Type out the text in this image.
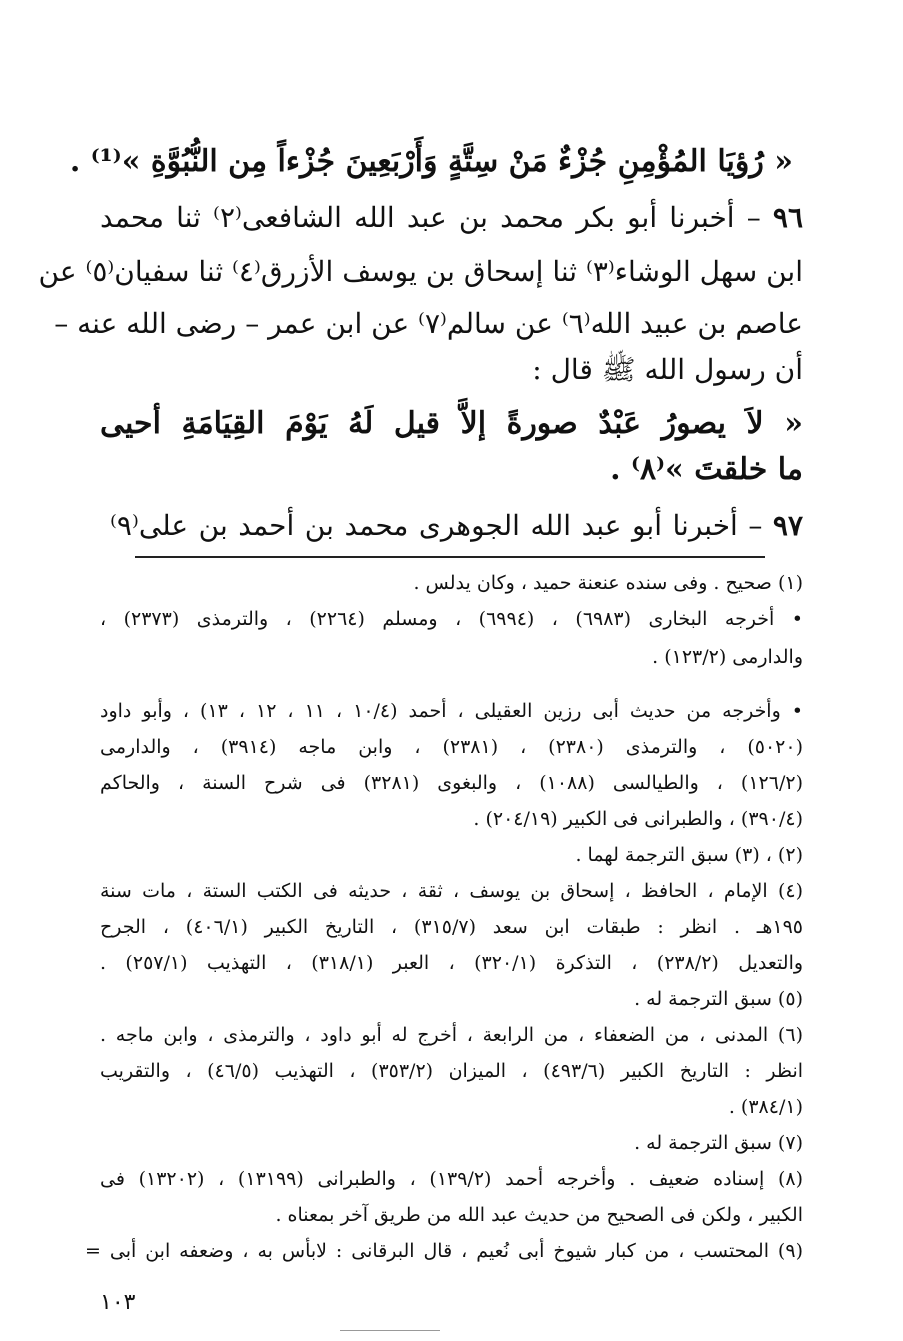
« رُؤيَا المُؤْمِنِ جُزْءٌ مَنْ سِتَّةٍ وَأَرْبَعِينَ جُزْءاً مِن النُّبُوَّةِ »⁽¹⁾ .
٩٦ – أخبرنا أبو بكر محمد بن عبد الله الشافعى⁽٢⁾ ثنا محمد
ابن سهل الوشاء⁽٣⁾ ثنا إسحاق بن يوسف الأزرق⁽٤⁾ ثنا سفيان⁽٥⁾ عن
عاصم بن عبيد الله⁽٦⁾ عن سالم⁽٧⁾ عن ابن عمر – رضى الله عنه –
أن رسول الله ﷺ قال :
« لاَ يصورُ عَبْدٌ صورةً إلاَّ قيل لَهُ يَوْمَ القِيَامَةِ أحيى
ما خلقتَ »⁽٨⁾ .
٩٧ – أخبرنا أبو عبد الله الجوهرى محمد بن أحمد بن على⁽٩⁾
(١) صحيح . وفى سنده عنعنة حميد ، وكان يدلس .
• أخرجه البخارى (٦٩٨٣) ، (٦٩٩٤) ، ومسلم (٢٢٦٤) ، والترمذى (٢٣٧٣) ،
والدارمى (١٢٣/٢) .
• وأخرجه من حديث أبى رزين العقيلى ، أحمد (١٠/٤ ، ١١ ، ١٢ ، ١٣) ، وأبو داود
(٥٠٢٠) ، والترمذى (٢٣٨٠) ، (٢٣٨١) ، وابن ماجه (٣٩١٤) ، والدارمى
(١٢٦/٢) ، والطيالسى (١٠٨٨) ، والبغوى (٣٢٨١) فى شرح السنة ، والحاكم
(٣٩٠/٤) ، والطبرانى فى الكبير (٢٠٤/١٩) .
(٢) ، (٣) سبق الترجمة لهما .
(٤) الإمام ، الحافظ ، إسحاق بن يوسف ، ثقة ، حديثه فى الكتب الستة ، مات سنة
١٩٥هـ . انظر : طبقات ابن سعد (٣١٥/٧) ، التاريخ الكبير (٤٠٦/١) ، الجرح
والتعديل (٢٣٨/٢) ، التذكرة (٣٢٠/١) ، العبر (٣١٨/١) ، التهذيب (٢٥٧/١) .
(٥) سبق الترجمة له .
(٦) المدنى ، من الضعفاء ، من الرابعة ، أخرج له أبو داود ، والترمذى ، وابن ماجه .
انظر : التاريخ الكبير (٤٩٣/٦) ، الميزان (٣٥٣/٢) ، التهذيب (٤٦/٥) ، والتقريب
(٣٨٤/١) .
(٧) سبق الترجمة له .
(٨) إسناده ضعيف . وأخرجه أحمد (١٣٩/٢) ، والطبرانى (١٣١٩٩) ، (١٣٢٠٢) فى
الكبير ، ولكن فى الصحيح من حديث عبد الله من طريق آخر بمعناه .
(٩) المحتسب ، من كبار شيوخ أبى نُعيم ، قال البرقانى : لابأس به ، وضعفه ابن أبى =
١٠٣
